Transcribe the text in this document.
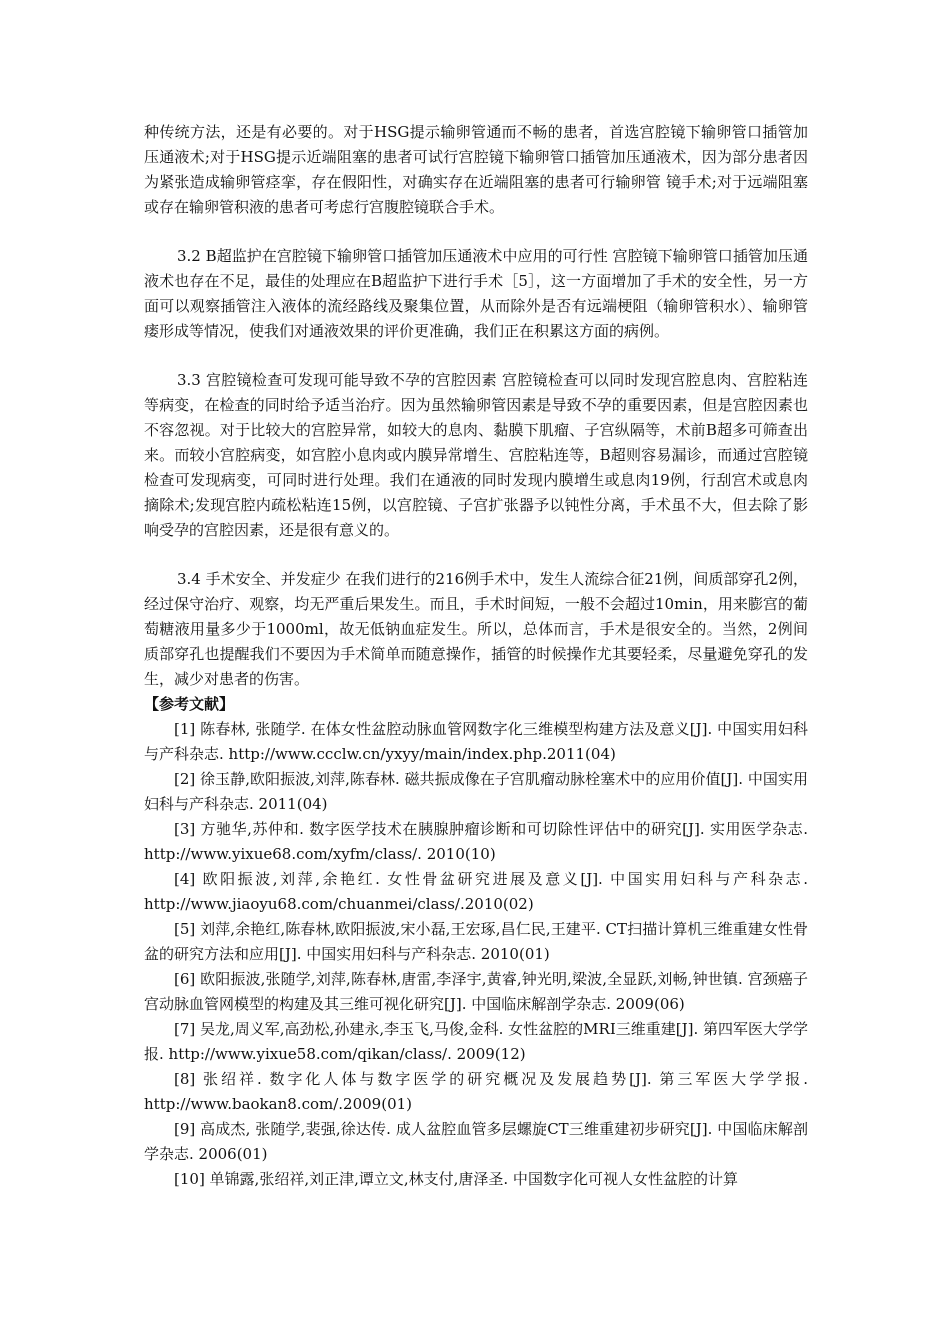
种传统方法，还是有必要的。对于HSG提示输卵管通而不畅的患者，首选宫腔镜下输卵管口插管加压通液术;对于HSG提示近端阻塞的患者可试行宫腔镜下输卵管口插管加压通液术，因为部分患者因为紧张造成输卵管痉挛，存在假阳性，对确实存在近端阻塞的患者可行输卵管 镜手术;对于远端阻塞或存在输卵管积液的患者可考虑行宫腹腔镜联合手术。

3.2 B超监护在宫腔镜下输卵管口插管加压通液术中应用的可行性 宫腔镜下输卵管口插管加压通液术也存在不足，最佳的处理应在B超监护下进行手术［5］，这一方面增加了手术的安全性，另一方面可以观察插管注入液体的流经路线及聚集位置，从而除外是否有远端梗阻（输卵管积水）、输卵管瘘形成等情况，使我们对通液效果的评价更准确，我们正在积累这方面的病例。

3.3 宫腔镜检查可发现可能导致不孕的宫腔因素 宫腔镜检查可以同时发现宫腔息肉、宫腔粘连等病变，在检查的同时给予适当治疗。因为虽然输卵管因素是导致不孕的重要因素，但是宫腔因素也不容忽视。对于比较大的宫腔异常，如较大的息肉、黏膜下肌瘤、子宫纵隔等，术前B超多可筛查出来。而较小宫腔病变，如宫腔小息肉或内膜异常增生、宫腔粘连等，B超则容易漏诊，而通过宫腔镜检查可发现病变，可同时进行处理。我们在通液的同时发现内膜增生或息肉19例，行刮宫术或息肉摘除术;发现宫腔内疏松粘连15例，以宫腔镜、子宫扩张器予以钝性分离，手术虽不大，但去除了影响受孕的宫腔因素，还是很有意义的。

3.4 手术安全、并发症少 在我们进行的216例手术中，发生人流综合征21例，间质部穿孔2例，经过保守治疗、观察，均无严重后果发生。而且，手术时间短，一般不会超过10min，用来膨宫的葡萄糖液用量多少于1000ml，故无低钠血症发生。所以，总体而言，手术是很安全的。当然，2例间质部穿孔也提醒我们不要因为手术简单而随意操作，插管的时候操作尤其要轻柔，尽量避免穿孔的发生，减少对患者的伤害。

【参考文献】

[1] 陈春林, 张随学. 在体女性盆腔动脉血管网数字化三维模型构建方法及意义[J]. 中国实用妇科与产科杂志. http://www.ccclw.cn/yxyy/main/index.php.2011(04)

[2] 徐玉静,欧阳振波,刘萍,陈春林. 磁共振成像在子宫肌瘤动脉栓塞术中的应用价值[J]. 中国实用妇科与产科杂志. 2011(04)

[3] 方驰华,苏仲和. 数字医学技术在胰腺肿瘤诊断和可切除性评估中的研究[J]. 实用医学杂志. http://www.yixue68.com/xyfm/class/. 2010(10)

[4] 欧阳振波,刘萍,余艳红. 女性骨盆研究进展及意义[J]. 中国实用妇科与产科杂志. http://www.jiaoyu68.com/chuanmei/class/.2010(02)

[5] 刘萍,余艳红,陈春林,欧阳振波,宋小磊,王宏琢,昌仁民,王建平. CT扫描计算机三维重建女性骨盆的研究方法和应用[J]. 中国实用妇科与产科杂志. 2010(01)

[6] 欧阳振波,张随学,刘萍,陈春林,唐雷,李泽宇,黄睿,钟光明,梁波,全显跃,刘畅,钟世镇. 宫颈癌子宫动脉血管网模型的构建及其三维可视化研究[J]. 中国临床解剖学杂志. 2009(06)

[7] 吴龙,周义军,高劲松,孙建永,李玉飞,马俊,金科. 女性盆腔的MRI三维重建[J]. 第四军医大学学报. http://www.yixue58.com/qikan/class/. 2009(12)

[8] 张绍祥. 数字化人体与数字医学的研究概况及发展趋势[J]. 第三军医大学学报. http://www.baokan8.com/.2009(01)

[9] 高成杰, 张随学,裴强,徐达传. 成人盆腔血管多层螺旋CT三维重建初步研究[J]. 中国临床解剖学杂志. 2006(01)

[10] 单锦露,张绍祥,刘正津,谭立文,林支付,唐泽圣. 中国数字化可视人女性盆腔的计算
